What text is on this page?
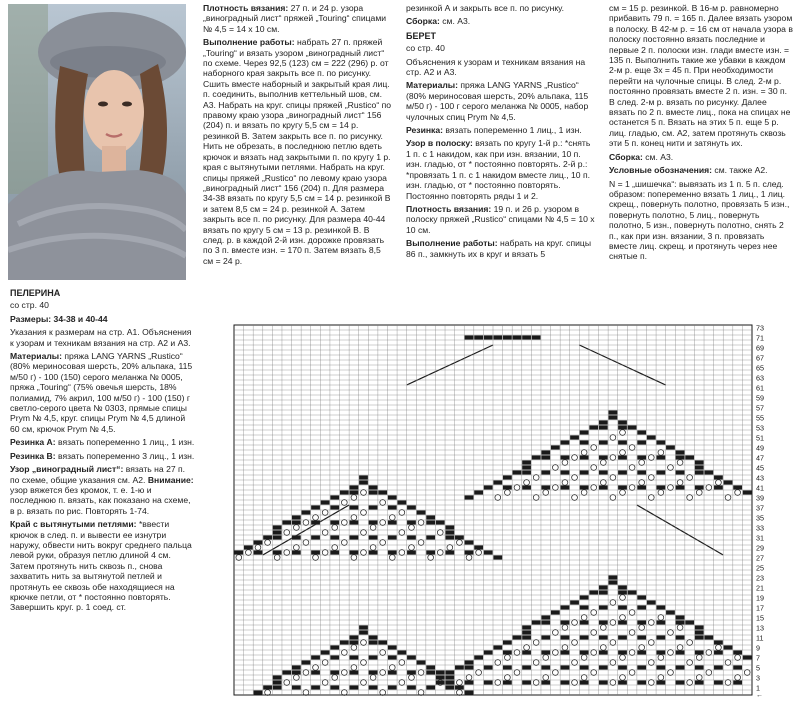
ПЕЛЕРИНА

со стр. 40

Размеры: 34-38 и 40-44

Указания к размерам на стр. А1. Объяснения к узорам и техникам вязания на стр. А2 и А3.

Материалы: пряжа LANG YARNS „Rustico“ (80% мериносовая шерсть, 20% альпака, 115 м/50 г) - 100 (150) серого меланжа № 0005, пряжа „Touring“ (75% овечья шерсть, 18% полиамид, 7% акрил, 100 м/50 г) - 100 (150) г светло-серого цвета № 0303, прямые спицы Prym № 4,5, круг. спицы Prym № 4,5 длиной 60 см, крючок Prym № 4,5.

Резинка А: вязать попеременно 1 лиц., 1 изн.

Резинка В: вязать попеременно 3 лиц., 1 изн.

Узор „виноградный лист“: вязать на 27 п. по схеме, общие указания см. А2. Внимание: узор вяжется без кромок, т. е. 1-ю и последнюю п. вязать, как показано на схеме, в р. вязать по рис. Повторять 1-74.

Край с вытянутыми петлями: *ввести крючок в след. п. и вывести ее изнутри наружу, обвести нить вокруг среднего пальца левой руки, образуя петлю длиной 4 см. Затем протянуть нить сквозь п., снова захватить нить за вытянутой петлей и протянуть ее сквозь обе находящиеся на крючке петли, от * постоянно повторять. Завершить круг. р. 1 соед. ст.

Плотность вязания: 27 п. и 24 р. узора „виноградный лист“ пряжей „Touring“ спицами № 4,5 = 14 х 10 см.

Выполнение работы: набрать 27 п. пряжей „Touring“ и вязать узором „виноградный лист“ по схеме. Через 92,5 (123) см = 222 (296) р. от наборного края закрыть все п. по рисунку. Сшить вместе наборный и закрытый края лиц. п. соединить, выполнив кеттельный шов, см. А3. Набрать на круг. спицы пряжей „Rustico“ по правому краю узора „виноградный лист“ 156 (204) п. и вязать по кругу 5,5 см = 14 р. резинкой В. Затем закрыть все п. по рисунку. Нить не обрезать, в последнюю петлю вдеть крючок и вязать над закрытыми п. по кругу 1 р. края с вытянутыми петлями. Набрать на круг. спицы пряжей „Rustico“ по левому краю узора „виноградный лист“ 156 (204) п. Для размера 34-38 вязать по кругу 5,5 см = 14 р. резинкой В и затем 8,5 см = 24 р. резинкой А. Затем закрыть все п. по рисунку. Для размера 40-44 вязать по кругу 5 см = 13 р. резинкой В. В след. р. в каждой 2-й изн. дорожке провязать по 3 п. вместе изн. = 170 п. Затем вязать 8,5 см = 24 р.

резинкой А и закрыть все п. по рисунку.

Сборка: см. А3.

БЕРЕТ

со стр. 40

Объяснения к узорам и техникам вязания на стр. А2 и А3.

Материалы: пряжа LANG YARNS „Rustico“ (80% мериносовая шерсть, 20% альпака, 115 м/50 г) - 100 г серого меланжа № 0005, набор чулочных спиц Prym № 4,5.

Резинка: вязать попеременно 1 лиц., 1 изн.

Узор в полоску: вязать по кругу 1-й р.: *снять 1 п. с 1 накидом, как при изн. вязании, 10 п. изн. гладью, от * постоянно повторять. 2-й р.: *провязать 1 п. с 1 накидом вместе лиц., 10 п. изн. гладью, от * постоянно повторять. Постоянно повторять ряды 1 и 2.

Плотность вязания: 19 п. и 26 р. узором в полоску пряжей „Rustico“ спицами № 4,5 = 10 х 10 см.

Выполнение работы: набрать на круг. спицы 86 п., замкнуть их в круг и вязать 5

см = 15 р. резинкой. В 16-м р. равномерно прибавить 79 п. = 165 п. Далее вязать узором в полоску. В 42-м р. = 16 см от начала узора в полоску постоянно вязать последние и первые 2 п. полоски изн. глади вместе изн. = 135 п. Выполнить такие же убавки в каждом 2-м р. еще 3х = 45 п. При необходимости перейти на чулочные спицы. В след. 2-м р. постоянно провязать вместе 2 п. изн. = 30 п. В след. 2-м р. вязать по рисунку. Далее вязать по 2 п. вместе лиц., пока на спицах не останется 5 п. Вязать на этих 5 п. еще 5 р. лиц. гладью, см. А2, затем протянуть сквозь эти 5 п. конец нити и затянуть их.

Сборка: см. А3.

Условные обозначения: см. также А2.

N = 1 „шишечка“: вывязать из 1 п. 5 п. след. образом: попеременно вязать 1 лиц., 1 лиц. скрещ., повернуть полотно, провязать 5 изн., повернуть полотно, 5 лиц., повернуть полотно, 5 изн., повернуть полотно, снять 2 п., как при изн. вязании, 3 п. провязать вместе лиц. скрещ. и протянуть через нее снятые п.

73
71
69
67
65
63
61
59
57
55
53
51
49
47
45
43
41
39
37
35
33
31
29
27
25
23
21
19
17
15
13
11
9
7
5
3
1
←
